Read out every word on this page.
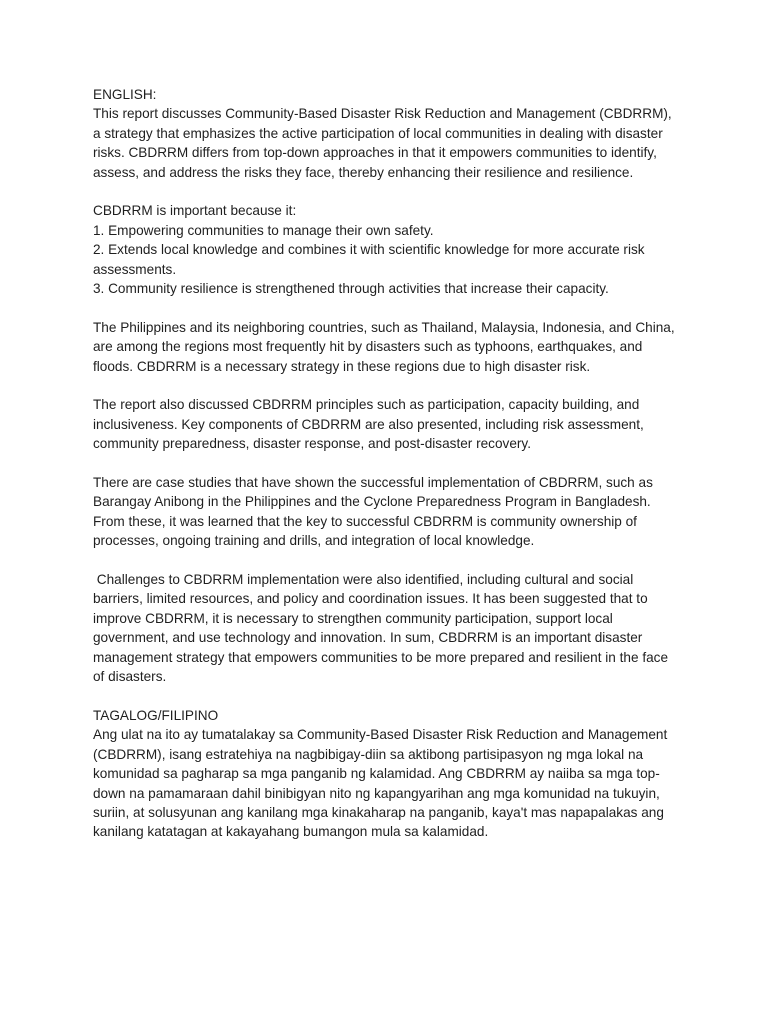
ENGLISH:

This report discusses Community-Based Disaster Risk Reduction and Management (CBDRRM), a strategy that emphasizes the active participation of local communities in dealing with disaster risks. CBDRRM differs from top-down approaches in that it empowers communities to identify, assess, and address the risks they face, thereby enhancing their resilience and resilience.

CBDRRM is important because it:

1. Empowering communities to manage their own safety.

2. Extends local knowledge and combines it with scientific knowledge for more accurate risk assessments.

3. Community resilience is strengthened through activities that increase their capacity.

The Philippines and its neighboring countries, such as Thailand, Malaysia, Indonesia, and China, are among the regions most frequently hit by disasters such as typhoons, earthquakes, and floods. CBDRRM is a necessary strategy in these regions due to high disaster risk.

The report also discussed CBDRRM principles such as participation, capacity building, and inclusiveness. Key components of CBDRRM are also presented, including risk assessment, community preparedness, disaster response, and post-disaster recovery.

There are case studies that have shown the successful implementation of CBDRRM, such as Barangay Anibong in the Philippines and the Cyclone Preparedness Program in Bangladesh. From these, it was learned that the key to successful CBDRRM is community ownership of processes, ongoing training and drills, and integration of local knowledge.

Challenges to CBDRRM implementation were also identified, including cultural and social barriers, limited resources, and policy and coordination issues. It has been suggested that to improve CBDRRM, it is necessary to strengthen community participation, support local government, and use technology and innovation. In sum, CBDRRM is an important disaster management strategy that empowers communities to be more prepared and resilient in the face of disasters.

TAGALOG/FILIPINO

Ang ulat na ito ay tumatalakay sa Community-Based Disaster Risk Reduction and Management (CBDRRM), isang estratehiya na nagbibigay-diin sa aktibong partisipasyon ng mga lokal na komunidad sa pagharap sa mga panganib ng kalamidad. Ang CBDRRM ay naiiba sa mga top-down na pamamaraan dahil binibigyan nito ng kapangyarihan ang mga komunidad na tukuyin, suriin, at solusyunan ang kanilang mga kinakaharap na panganib, kaya't mas napapalakas ang kanilang katatagan at kakayahang bumangon mula sa kalamidad.
